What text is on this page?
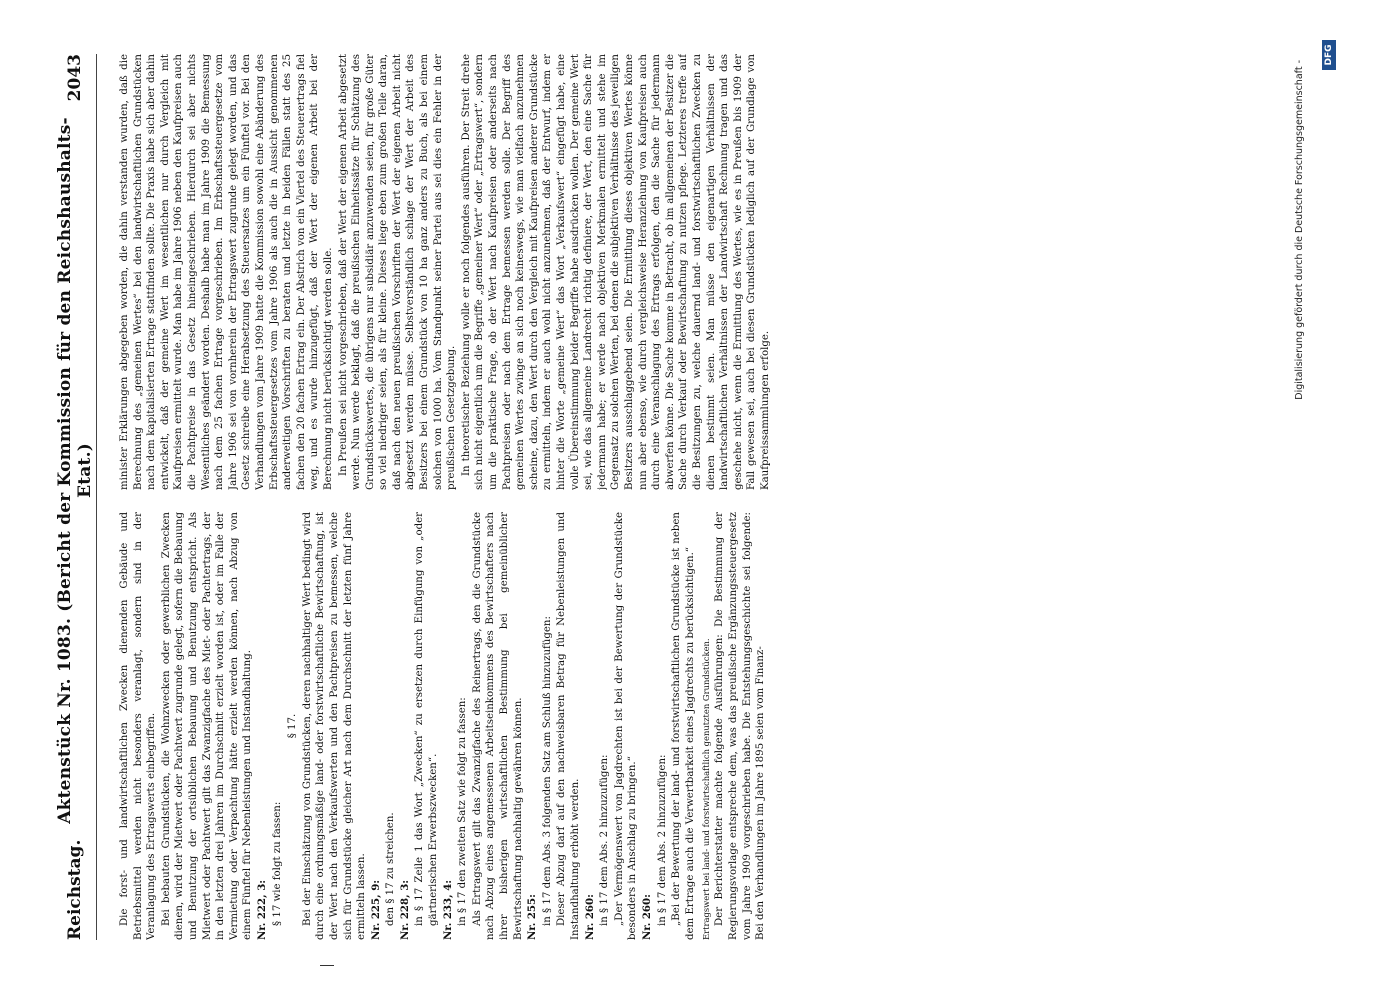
Reichstag.
Aktenstück Nr. 1083. (Bericht der Kommission für den Reichshaushalts-Etat.)
2043

Die forst- und landwirtschaftlichen Zwecken dienenden Gebäude und Betriebsmittel werden nicht besonders veranlagt, sondern sind in der Veranlagung des Ertragswerts einbegriffen. Bei bebauten Grundstücken, die Wohnzwecken oder gewerblichen Zwecken dienen, wird der Mietwert oder Pachtwert zugrunde gelegt, sofern die Bebauung und Benutzung der ortsüblichen Bebauung und Benutzung entspricht. Als Mietwert oder Pachtwert gilt das Zwanzigfache des Miet- oder Pachtertrags, der in den letzten drei Jahren im Durchschnitt erzielt worden ist, oder im Falle der Vermietung oder Verpachtung hätte erzielt werden können, nach Abzug von einem Fünftel für Nebenleistungen und Instandhaltung. Nr. 222, 3: § 17 wie folgt zu fassen:

§ 17. Bei der Einschätzung von Grundstücken, deren nachhaltiger Wert bedingt wird durch eine ordnungsmäßige land- oder forstwirtschaftliche Bewirtschaftung, ist der Wert nach den Verkaufswerten und den Pachtpreisen zu bemessen, welche sich für Grundstücke gleicher Art nach dem Durchschnitt der letzten fünf Jahre ermitteln lassen. Nr. 225, 9: den § 17 zu streichen. Nr. 228, 3: in § 17 Zeile 1 das Wort „Zwecken“ zu ersetzen durch Einfügung von „oder gärtnerischen Erwerbszwecken“. Nr. 233, 4: in § 17 den zweiten Satz wie folgt zu fassen: Als Ertragswert gilt das Zwanzigfache des Reinertrags, den die Grundstücke nach Abzug eines angemessenen Arbeitseinkommens des Bewirtschafters nach ihrer bisherigen wirtschaftlichen Bestimmung bei gemeinüblicher Bewirtschaftung nachhaltig gewähren können. Nr. 255: in § 17 dem Abs. 3 folgenden Satz am Schluß hinzuzufügen: Dieser Abzug darf auf den nachweisbaren Betrag für Nebenleistungen und Instandhaltung erhöht werden. Nr. 260: in § 17 dem Abs. 2 hinzuzufügen: „Der Vermögenswert von Jagdrechten ist bei der Bewertung der Grundstücke besonders in Anschlag zu bringen.“ Nr. 260: in § 17 dem Abs. 2 hinzuzufügen: „Bei der Bewertung der land- und forstwirtschaftlichen Grundstücke ist neben dem Ertrage auch die Verwertbarkeit eines Jagdrechts zu berücksichtigen.“ Ertragswert bei land- und forstwirtschaftlich genutzten Grundstücken. Der Berichterstatter machte folgende Ausführungen: Die Bestimmung der Regierungsvorlage entspreche dem, was das preußische Ergänzungssteuergesetz vom Jahre 1909 vorgeschrieben habe. Die Entstehungsgeschichte sei folgende: Bei den Verhandlungen im Jahre 1895 seien vom Finanz-

minister Erklärungen abgegeben worden, die dahin verstanden wurden, daß die Berechnung des „gemeinen Wertes“ bei den landwirtschaftlichen Grundstücken nach dem kapitalisierten Ertrage stattfinden sollte. Die Praxis habe sich aber dahin entwickelt, daß der gemeine Wert im wesentlichen nur durch Vergleich mit Kaufpreisen ermittelt wurde. Man habe im Jahre 1906 neben den Kaufpreisen auch die Pachtpreise in das Gesetz hineingeschrieben. Hierdurch sei aber nichts Wesentliches geändert worden. Deshalb habe man im Jahre 1909 die Bemessung nach dem 25 fachen Ertrage vorgeschrieben. Im Erbschaftssteuergesetze vom Jahre 1906 sei von vornherein der Ertragswert zugrunde gelegt worden, und das Gesetz schreibe eine Herabsetzung des Steuersatzes um ein Fünftel vor. Bei den Verhandlungen vom Jahre 1909 hatte die Kommission sowohl eine Abänderung des Erbschaftssteuergesetzes vom Jahre 1906 als auch die in Aussicht genommenen anderweitigen Vorschriften zu beraten und letzte in beiden Fällen statt des 25 fachen den 20 fachen Ertrag ein. Der Abstrich von ein Viertel des Steuerertrags fiel weg, und es wurde hinzugefügt, daß der Wert der eigenen Arbeit bei der Berechnung nicht berücksichtigt werden solle. In Preußen sei nicht vorgeschrieben, daß der Wert der eigenen Arbeit abgesetzt werde. Nun werde beklagt, daß die preußischen Einheitssätze für Schätzung des Grundstückswertes, die übrigens nur subsidiär anzuwenden seien, für große Güter so viel niedriger seien, als für kleine. Dieses liege eben zum großen Teile daran, daß nach den neuen preußischen Vorschriften der Wert der eigenen Arbeit nicht abgesetzt werden müsse. Selbstverständlich schlage der Wert der Arbeit des Besitzers bei einem Grundstück von 10 ha ganz anders zu Buch, als bei einem solchen von 1000 ha. Vom Standpunkt seiner Partei aus sei dies ein Fehler in der preußischen Gesetzgebung. In theoretischer Beziehung wolle er noch folgendes ausführen. Der Streit drehe sich nicht eigentlich um die Begriffe „gemeiner Wert“ oder „Ertragswert“, sondern um die praktische Frage, ob der Wert nach Kaufpreisen oder anderseits nach Pachtpreisen oder nach dem Ertrage bemessen werden solle. Der Begriff des gemeinen Wertes zwinge an sich noch keineswegs, wie man vielfach anzunehmen scheine, dazu, den Wert durch den Vergleich mit Kaufpreisen anderer Grundstücke zu ermitteln, indem er auch wohl nicht anzunehmen, daß der Entwurf, indem er hinter die Worte „gemeine Wert“ das Wort „Verkaufswert“ eingefügt habe, eine volle Übereinstimmung beider Begriffe habe ausdrücken wollen. Der gemeine Wert sei, wie das allgemeine Landrecht richtig definiere, der Wert, den eine Sache für jedermann habe; er werde nach objektiven Merkmalen ermittelt und stehe im Gegensatz zu solchen Werten, bei denen die subjektiven Verhältnisse des jeweiligen Besitzers ausschlaggebend seien. Die Ermittlung dieses objektiven Wertes könne nun aber ebenso, wie durch vergleichsweise Heranziehung von Kaufpreisen auch durch eine Veranschlagung des Ertrags erfolgen, den die Sache für jedermann abwerfen könne. Die Sache komme in Betracht, ob im allgemeinen der Besitzer die Sache durch Verkauf oder Bewirtschaftung zu nutzen pflege. Letzteres treffe auf die Besitzungen zu, welche dauernd land- und forstwirtschaftlichen Zwecken zu dienen bestimmt seien. Man müsse den eigenartigen Verhältnissen der landwirtschaftlichen Verhältnissen der Landwirtschaft Rechnung tragen und das geschehe nicht, wenn die Ermittlung des Wertes, wie es in Preußen bis 1909 der Fall gewesen sei, auch bei diesen Grundstücken lediglich auf der Grundlage von Kaufpreissammlungen erfolge.

Digitalisierung gefördert durch die Deutsche Forschungsgemeinschaft -
DFG
